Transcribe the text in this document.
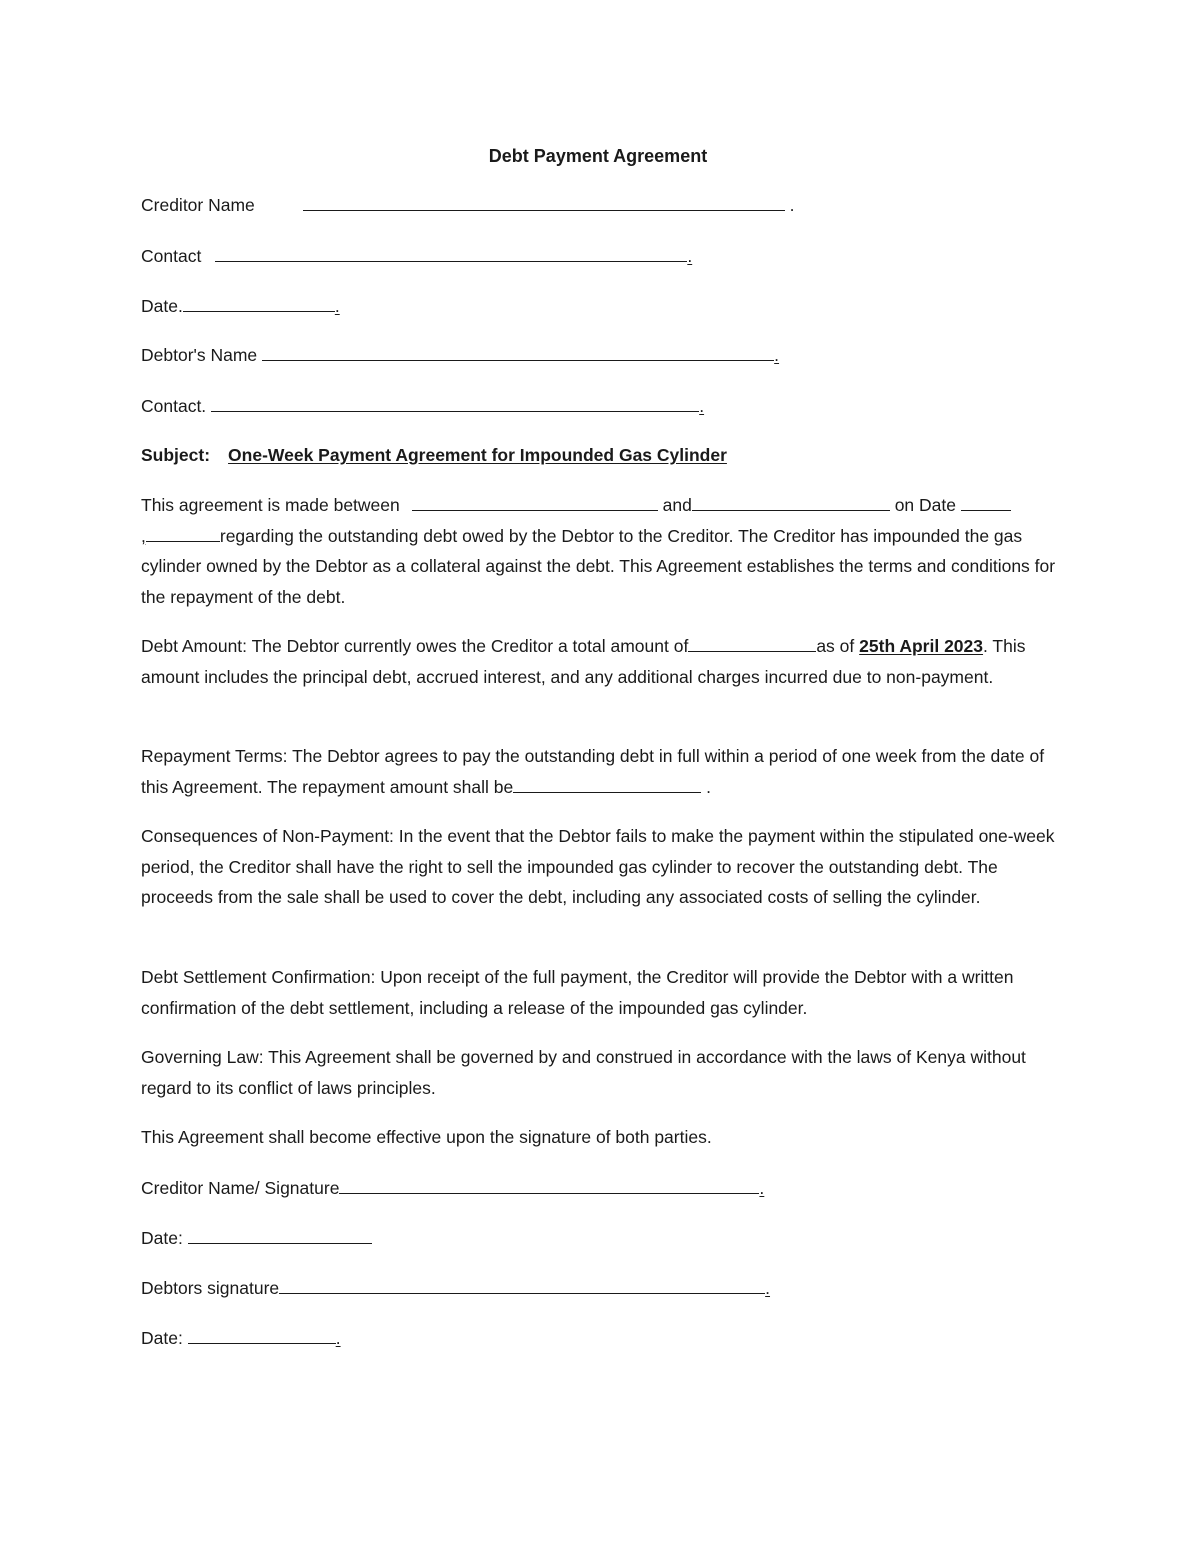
Debt Payment Agreement
Creditor Name	.
Contact	.
Date.	.
Debtor's Name	.
Contact.	.
Subject: One-Week Payment Agreement for Impounded Gas Cylinder

This agreement is made between	and	on Date
,	regarding the outstanding debt owed by the Debtor to the Creditor. The Creditor has impounded the gas cylinder owned by the Debtor as a collateral against the debt. This Agreement establishes the terms and conditions for the repayment of the debt.

Debt Amount: The Debtor currently owes the Creditor a total amount of	as of 25th April 2023. This amount includes the principal debt, accrued interest, and any additional charges incurred due to non-payment.

Repayment Terms: The Debtor agrees to pay the outstanding debt in full within a period of one week from the date of this Agreement. The repayment amount shall be	.

Consequences of Non-Payment: In the event that the Debtor fails to make the payment within the stipulated one-week period, the Creditor shall have the right to sell the impounded gas cylinder to recover the outstanding debt. The proceeds from the sale shall be used to cover the debt, including any associated costs of selling the cylinder.

Debt Settlement Confirmation: Upon receipt of the full payment, the Creditor will provide the Debtor with a written confirmation of the debt settlement, including a release of the impounded gas cylinder.

Governing Law: This Agreement shall be governed by and construed in accordance with the laws of Kenya without regard to its conflict of laws principles.

This Agreement shall become effective upon the signature of both parties.

Creditor Name/ Signature	.
Date:
Debtors signature	.
Date:	.
